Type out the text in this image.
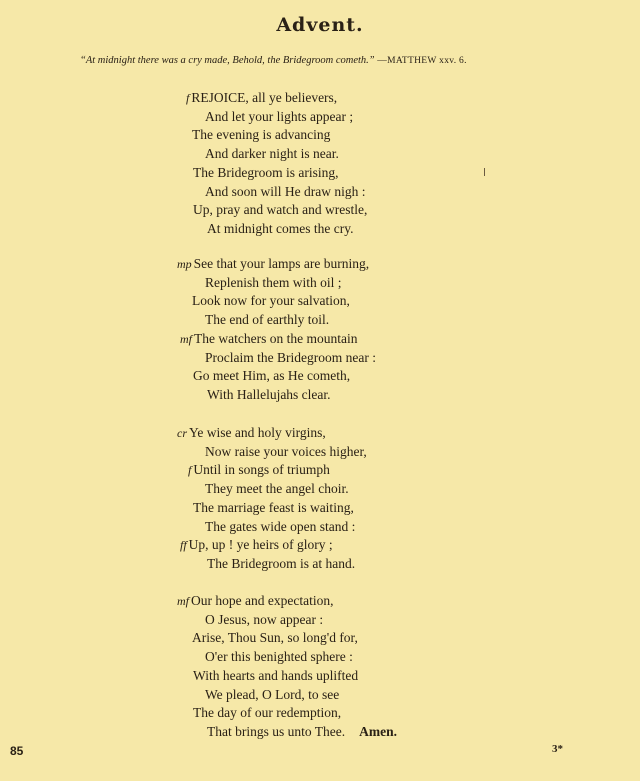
Advent.
“At midnight there was a cry made, Behold, the Bridegroom cometh.” —MATTHEW xxv. 6.
f REJOICE, all ye believers,
And let your lights appear ;
The evening is advancing
And darker night is near.
The Bridegroom is arising,
And soon will He draw nigh :
Up, pray and watch and wrestle,
At midnight comes the cry.
mp See that your lamps are burning,
Replenish them with oil ;
Look now for your salvation,
The end of earthly toil.
mf The watchers on the mountain
Proclaim the Bridegroom near :
Go meet Him, as He cometh,
With Hallelujahs clear.
cr Ye wise and holy virgins,
Now raise your voices higher,
f Until in songs of triumph
They meet the angel choir.
The marriage feast is waiting,
The gates wide open stand :
ff Up, up ! ye heirs of glory ;
The Bridegroom is at hand.
mf Our hope and expectation,
O Jesus, now appear :
Arise, Thou Sun, so long'd for,
O'er this benighted sphere :
With hearts and hands uplifted
We plead, O Lord, to see
The day of our redemption,
That brings us unto Thee. Amen.
85	3*
